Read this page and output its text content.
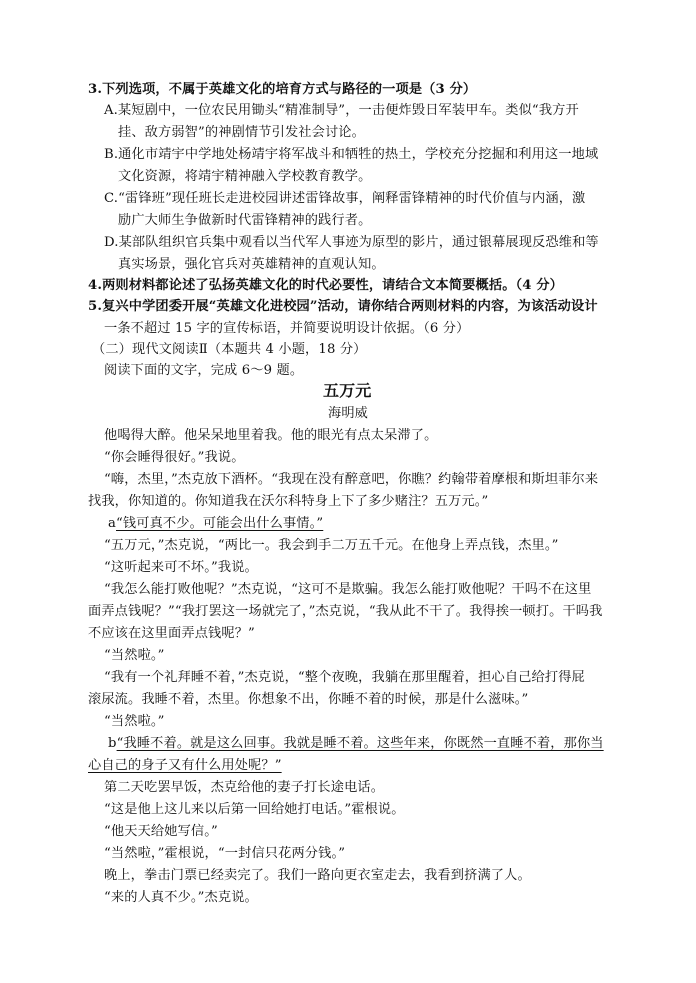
3.下列选项，不属于英雄文化的培育方式与路径的一项是（3 分）
A.某短剧中，一位农民用锄头“精准制导”，一击便炸毁日军装甲车。类似“我方开
挂、敌方弱智”的神剧情节引发社会讨论。
B.通化市靖宇中学地处杨靖宇将军战斗和牺牲的热土，学校充分挖掘和利用这一地域
文化资源，将靖宇精神融入学校教育教学。
C.“雷锋班”现任班长走进校园讲述雷锋故事，阐释雷锋精神的时代价值与内涵，激
励广大师生争做新时代雷锋精神的践行者。
D.某部队组织官兵集中观看以当代军人事迹为原型的影片，通过银幕展现反恐维和等
真实场景，强化官兵对英雄精神的直观认知。
4.两则材料都论述了弘扬英雄文化的时代必要性，请结合文本简要概括。（4 分）
5.复兴中学团委开展“英雄文化进校园”活动，请你结合两则材料的内容，为该活动设计
一条不超过 15 字的宣传标语，并简要说明设计依据。（6 分）
（二）现代文阅读Ⅱ（本题共 4 小题，18 分）
阅读下面的文字，完成 6～9 题。
五万元
海明威
他喝得大醉。他呆呆地里着我。他的眼光有点太呆滞了。
“你会睡得很好。”我说。
“嗨，杰里，”杰克放下酒杯。“我现在没有醉意吧，你瞧？约翰带着摩根和斯坦菲尔来
找我，你知道的。你知道我在沃尔科特身上下了多少赌注？五万元。”
a“钱可真不少。可能会出什么事情。”
“五万元，”杰克说，“两比一。我会到手二万五千元。在他身上弄点钱，杰里。”
“这听起来可不坏。”我说。
“我怎么能打败他呢？”杰克说，“这可不是欺骗。我怎么能打败他呢？干吗不在这里
面弄点钱呢？”“我打罢这一场就完了，”杰克说，“我从此不干了。我得挨一顿打。干吗我
不应该在这里面弄点钱呢？”
“当然啦。”
“我有一个礼拜睡不着，”杰克说，“整个夜晚，我躺在那里醒着，担心自己给打得屁
滚尿流。我睡不着，杰里。你想象不出，你睡不着的时候，那是什么滋味。”
“当然啦。”
b“我睡不着。就是这么回事。我就是睡不着。这些年来，你既然一直睡不着，那你当
心自己的身子又有什么用处呢？”
第二天吃罢早饭，杰克给他的妻子打长途电话。
“这是他上这儿来以后第一回给她打电话。”霍根说。
“他天天给她写信。”
“当然啦，”霍根说，“一封信只花两分钱。”
晚上，拳击门票已经卖完了。我们一路向更衣室走去，我看到挤满了人。
“来的人真不少。”杰克说。
